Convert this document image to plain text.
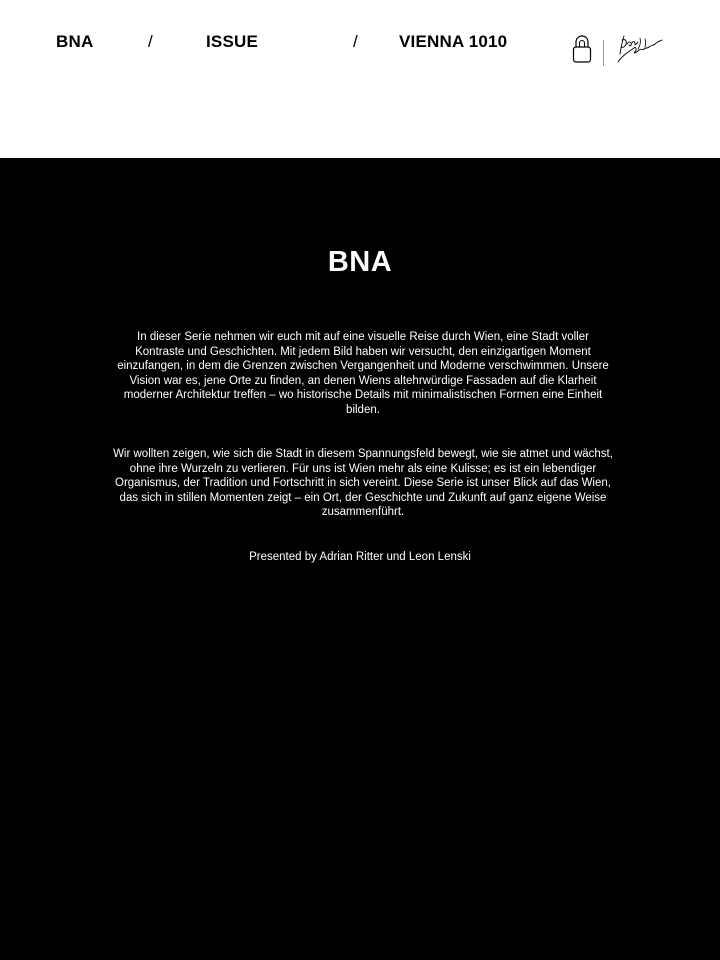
BNA	/	ISSUE	/ VIENNA 1010
BNA

In dieser Serie nehmen wir euch mit auf eine visuelle Reise durch Wien, eine Stadt voller Kontraste und Geschichten. Mit jedem Bild haben wir versucht, den einzigartigen Moment einzufangen, in dem die Grenzen zwischen Vergangenheit und Moderne verschwimmen. Unsere Vision war es, jene Orte zu finden, an denen Wiens altehrwürdige Fassaden auf die Klarheit moderner Architektur treffen – wo historische Details mit minimalistischen Formen eine Einheit bilden.

Wir wollten zeigen, wie sich die Stadt in diesem Spannungsfeld bewegt, wie sie atmet und wächst, ohne ihre Wurzeln zu verlieren. Für uns ist Wien mehr als eine Kulisse; es ist ein lebendiger Organismus, der Tradition und Fortschritt in sich vereint. Diese Serie ist unser Blick auf das Wien, das sich in stillen Momenten zeigt – ein Ort, der Geschichte und Zukunft auf ganz eigene Weise zusammenführt.

Presented by Adrian Ritter und Leon Lenski
